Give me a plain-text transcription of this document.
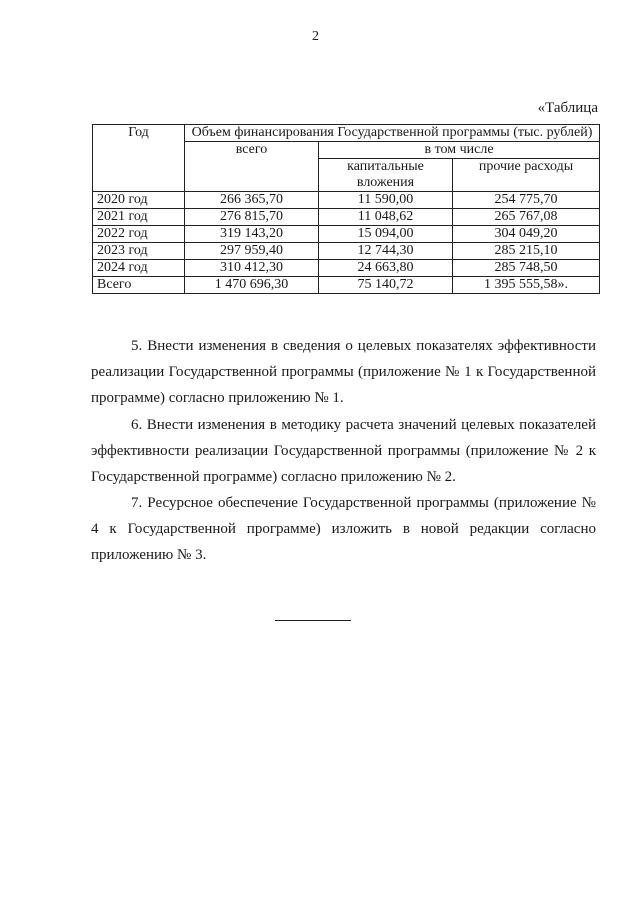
2
«Таблица
Год	Объем финансирования Государственной программы (тыс. рублей)		
	всего	в том числе	
		капитальные вложения	прочие расходы
2020 год	266 365,70	11 590,00	254 775,70
2021 год	276 815,70	11 048,62	265 767,08
2022 год	319 143,20	15 094,00	304 049,20
2023 год	297 959,40	12 744,30	285 215,10
2024 год	310 412,30	24 663,80	285 748,50
Всего	1 470 696,30	75 140,72	1 395 555,58».

5. Внести изменения в сведения о целевых показателях эффективности реализации Государственной программы (приложение № 1 к Государственной программе) согласно приложению № 1.

6. Внести изменения в методику расчета значений целевых показателей эффективности реализации Государственной программы (приложение № 2 к Государственной программе) согласно приложению № 2.

7. Ресурсное обеспечение Государственной программы (приложение № 4 к Государственной программе) изложить в новой редакции согласно приложению № 3.
